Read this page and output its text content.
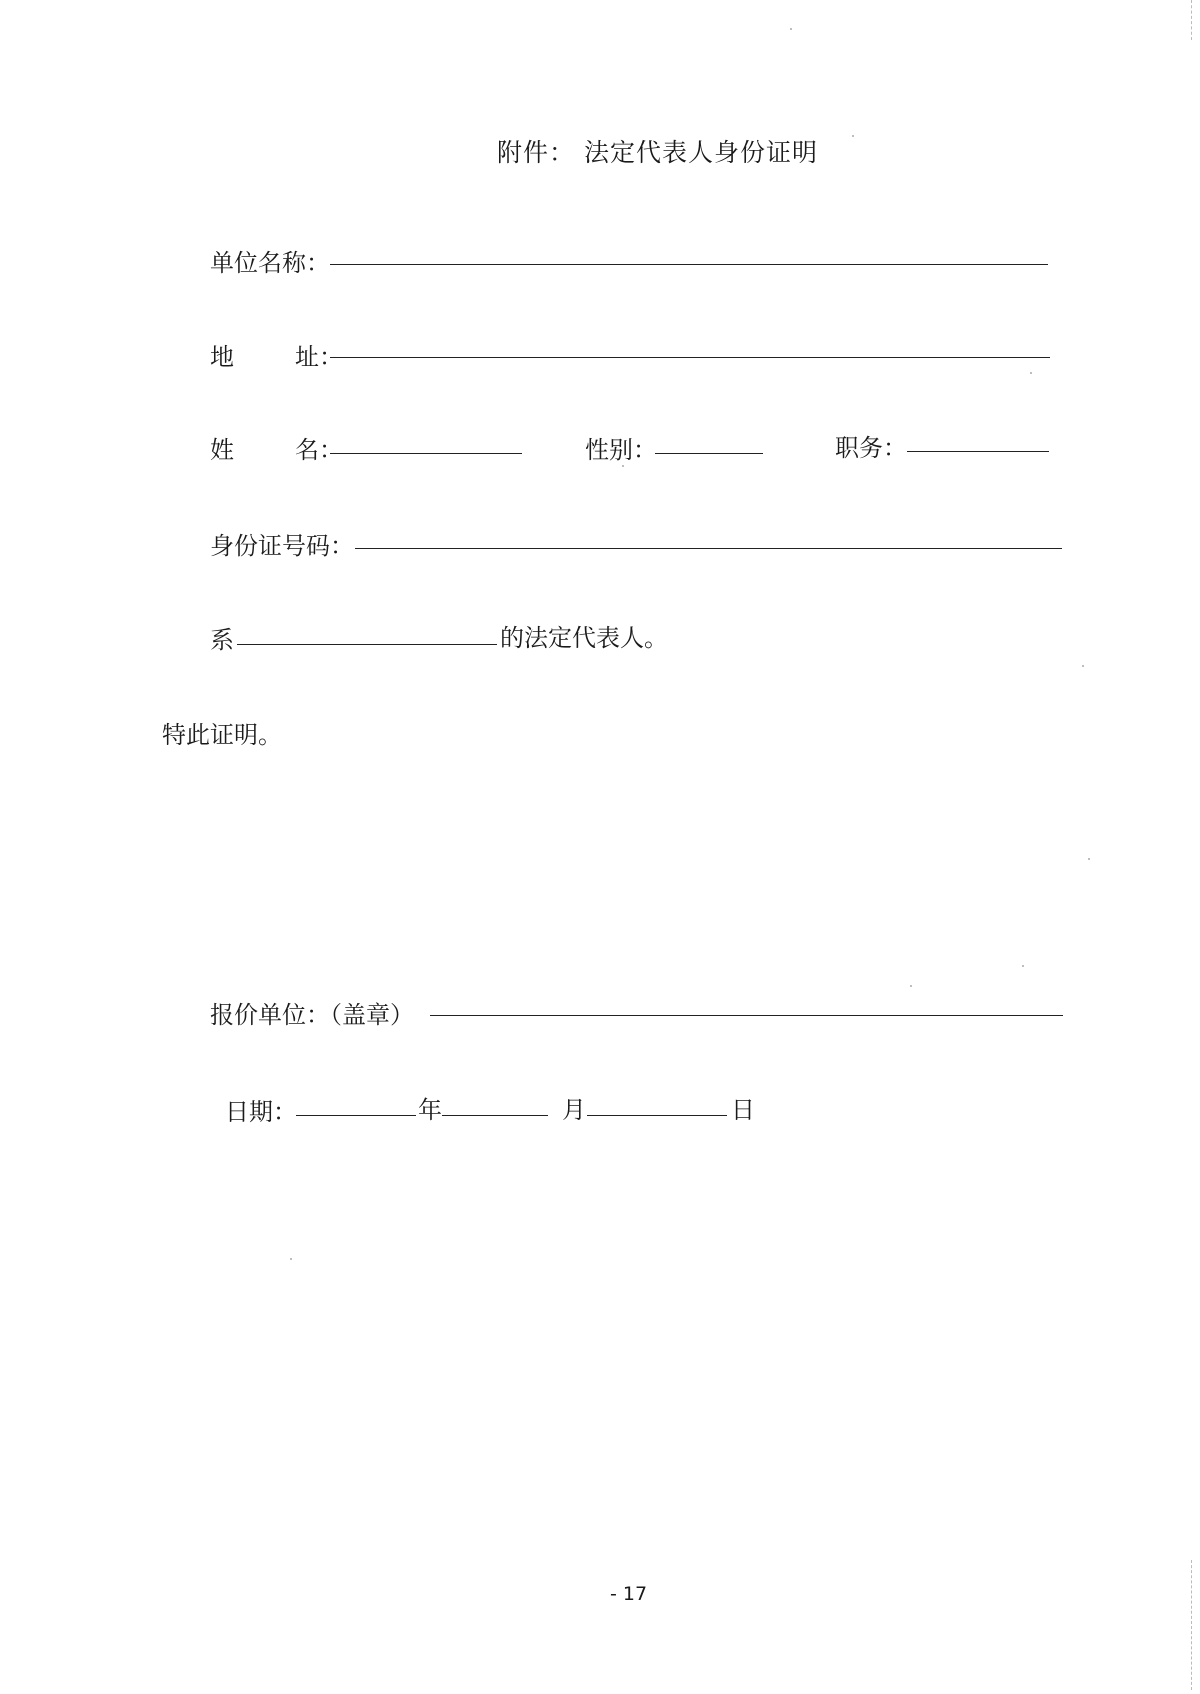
附件： 法定代表人身份证明
单位名称：
地        址：
姓        名：	性别：	职务：
身份证号码：
系	的法定代表人。
特此证明。
报价单位：（盖章）
日期：	年	月	日
- 17
